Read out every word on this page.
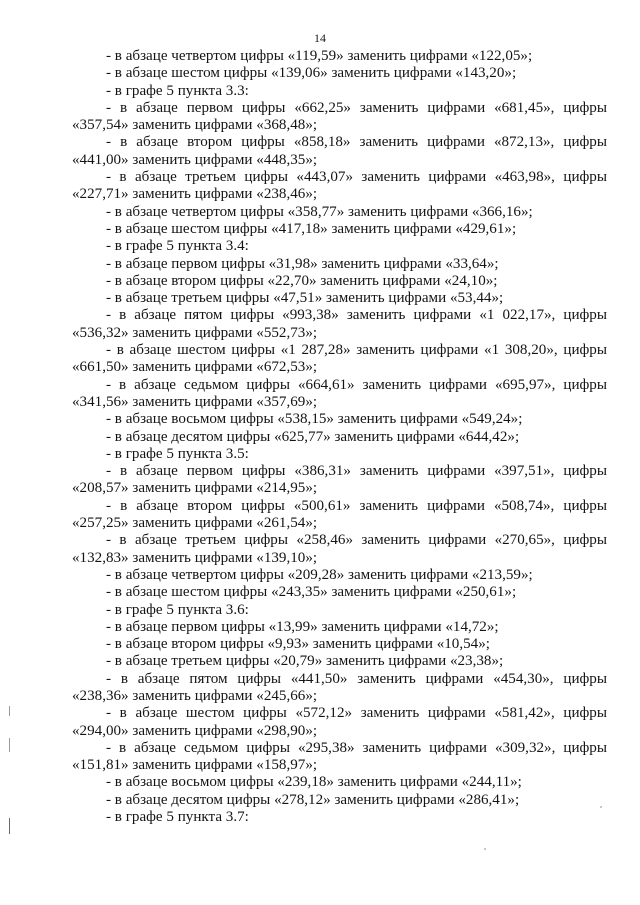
14

- в абзаце четвертом цифры «119,59» заменить цифрами «122,05»;

- в абзаце шестом цифры «139,06» заменить цифрами «143,20»;

- в графе 5 пункта 3.3:

- в абзаце первом цифры «662,25» заменить цифрами «681,45», цифры «357,54» заменить цифрами «368,48»;

- в абзаце втором цифры «858,18» заменить цифрами «872,13», цифры «441,00» заменить цифрами «448,35»;

- в абзаце третьем цифры «443,07» заменить цифрами «463,98», цифры «227,71» заменить цифрами «238,46»;

- в абзаце четвертом цифры «358,77» заменить цифрами «366,16»;

- в абзаце шестом цифры «417,18» заменить цифрами «429,61»;

- в графе 5 пункта 3.4:

- в абзаце первом цифры «31,98» заменить цифрами «33,64»;

- в абзаце втором цифры «22,70» заменить цифрами «24,10»;

- в абзаце третьем цифры «47,51» заменить цифрами «53,44»;

- в абзаце пятом цифры «993,38» заменить цифрами «1 022,17», цифры «536,32» заменить цифрами «552,73»;

- в абзаце шестом цифры «1 287,28» заменить цифрами «1 308,20», цифры «661,50» заменить цифрами «672,53»;

- в абзаце седьмом цифры «664,61» заменить цифрами «695,97», цифры «341,56» заменить цифрами «357,69»;

- в абзаце восьмом цифры «538,15» заменить цифрами «549,24»;

- в абзаце десятом цифры «625,77» заменить цифрами «644,42»;

- в графе 5 пункта 3.5:

- в абзаце первом цифры «386,31» заменить цифрами «397,51», цифры «208,57» заменить цифрами «214,95»;

- в абзаце втором цифры «500,61» заменить цифрами «508,74», цифры «257,25» заменить цифрами «261,54»;

- в абзаце третьем цифры «258,46» заменить цифрами «270,65», цифры «132,83» заменить цифрами «139,10»;

- в абзаце четвертом цифры «209,28» заменить цифрами «213,59»;

- в абзаце шестом цифры «243,35» заменить цифрами «250,61»;

- в графе 5 пункта 3.6:

- в абзаце первом цифры «13,99» заменить цифрами «14,72»;

- в абзаце втором цифры «9,93» заменить цифрами «10,54»;

- в абзаце третьем цифры «20,79» заменить цифрами «23,38»;

- в абзаце пятом цифры «441,50» заменить цифрами «454,30», цифры «238,36» заменить цифрами «245,66»;

- в абзаце шестом цифры «572,12» заменить цифрами «581,42», цифры «294,00» заменить цифрами «298,90»;

- в абзаце седьмом цифры «295,38» заменить цифрами «309,32», цифры «151,81» заменить цифрами «158,97»;

- в абзаце восьмом цифры «239,18» заменить цифрами «244,11»;

- в абзаце десятом цифры «278,12» заменить цифрами «286,41»;

- в графе 5 пункта 3.7:
